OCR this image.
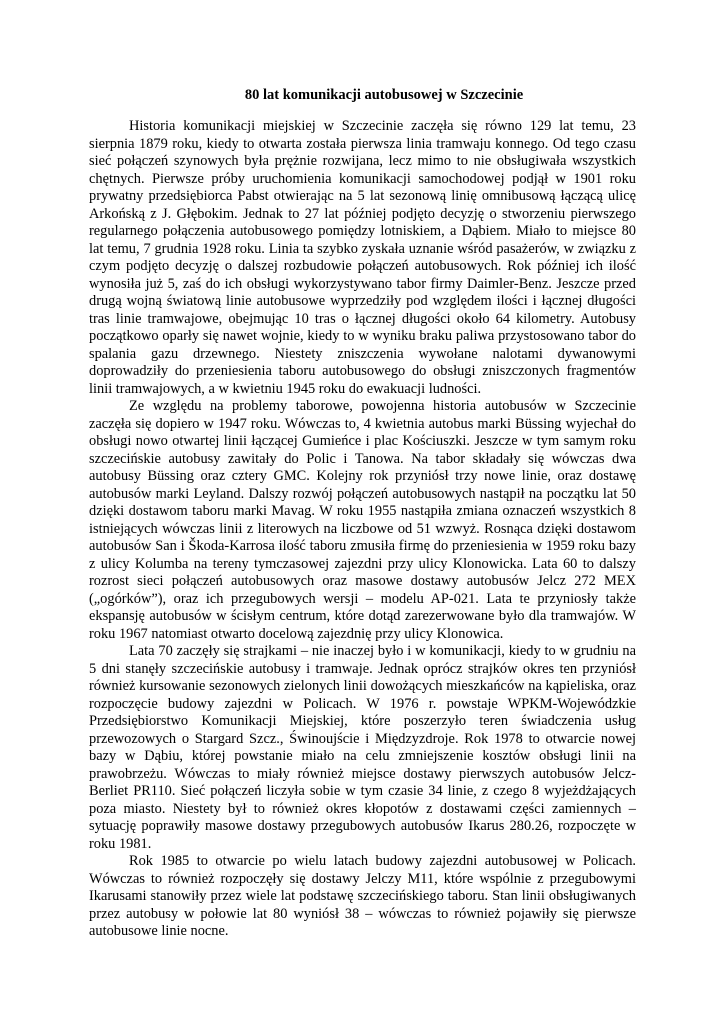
80 lat komunikacji autobusowej w Szczecinie

Historia komunikacji miejskiej w Szczecinie zaczęła się równo 129 lat temu, 23 sierpnia 1879 roku, kiedy to otwarta została pierwsza linia tramwaju konnego. Od tego czasu sieć połączeń szynowych była prężnie rozwijana, lecz mimo to nie obsługiwała wszystkich chętnych. Pierwsze próby uruchomienia komunikacji samochodowej podjął w 1901 roku prywatny przedsiębiorca Pabst otwierając na 5 lat sezonową linię omnibusową łączącą ulicę Arkońską z J. Głębokim. Jednak to 27 lat później podjęto decyzję o stworzeniu pierwszego regularnego połączenia autobusowego pomiędzy lotniskiem, a Dąbiem. Miało to miejsce 80 lat temu, 7 grudnia 1928 roku. Linia ta szybko zyskała uznanie wśród pasażerów, w związku z czym podjęto decyzję o dalszej rozbudowie połączeń autobusowych. Rok później ich ilość wynosiła już 5, zaś do ich obsługi wykorzystywano tabor firmy Daimler-Benz. Jeszcze przed drugą wojną światową linie autobusowe wyprzedziły pod względem ilości i łącznej długości tras linie tramwajowe, obejmując 10 tras o łącznej długości około 64 kilometry. Autobusy początkowo oparły się nawet wojnie, kiedy to w wyniku braku paliwa przystosowano tabor do spalania gazu drzewnego. Niestety zniszczenia wywołane nalotami dywanowymi doprowadziły do przeniesienia taboru autobusowego do obsługi zniszczonych fragmentów linii tramwajowych, a w kwietniu 1945 roku do ewakuacji ludności.

Ze względu na problemy taborowe, powojenna historia autobusów w Szczecinie zaczęła się dopiero w 1947 roku. Wówczas to, 4 kwietnia autobus marki Büssing wyjechał do obsługi nowo otwartej linii łączącej Gumieńce i plac Kościuszki. Jeszcze w tym samym roku szczecińskie autobusy zawitały do Polic i Tanowa. Na tabor składały się wówczas dwa autobusy Büssing oraz cztery GMC. Kolejny rok przyniósł trzy nowe linie, oraz dostawę autobusów marki Leyland. Dalszy rozwój połączeń autobusowych nastąpił na początku lat 50 dzięki dostawom taboru marki Mavag. W roku 1955 nastąpiła zmiana oznaczeń wszystkich 8 istniejących wówczas linii z literowych na liczbowe od 51 wzwyż. Rosnąca dzięki dostawom autobusów San i Škoda-Karrosa ilość taboru zmusiła firmę do przeniesienia w 1959 roku bazy z ulicy Kolumba na tereny tymczasowej zajezdni przy ulicy Klonowicka. Lata 60 to dalszy rozrost sieci połączeń autobusowych oraz masowe dostawy autobusów Jelcz 272 MEX („ogórków”), oraz ich przegubowych wersji – modelu AP-021. Lata te przyniosły także ekspansję autobusów w ścisłym centrum, które dotąd zarezerwowane było dla tramwajów. W roku 1967 natomiast otwarto docelową zajezdnię przy ulicy Klonowica.

Lata 70 zaczęły się strajkami – nie inaczej było i w komunikacji, kiedy to w grudniu na 5 dni stanęły szczecińskie autobusy i tramwaje. Jednak oprócz strajków okres ten przyniósł również kursowanie sezonowych zielonych linii dowożących mieszkańców na kąpieliska, oraz rozpoczęcie budowy zajezdni w Policach. W 1976 r. powstaje WPKM-Wojewódzkie Przedsiębiorstwo Komunikacji Miejskiej, które poszerzyło teren świadczenia usług przewozowych o Stargard Szcz., Świnoujście i Międzyzdroje. Rok 1978 to otwarcie nowej bazy w Dąbiu, której powstanie miało na celu zmniejszenie kosztów obsługi linii na prawobrzeżu. Wówczas to miały również miejsce dostawy pierwszych autobusów Jelcz-Berliet PR110. Sieć połączeń liczyła sobie w tym czasie 34 linie, z czego 8 wyjeżdżających poza miasto. Niestety był to również okres kłopotów z dostawami części zamiennych – sytuację poprawiły masowe dostawy przegubowych autobusów Ikarus 280.26, rozpoczęte w roku 1981.

Rok 1985 to otwarcie po wielu latach budowy zajezdni autobusowej w Policach. Wówczas to również rozpoczęły się dostawy Jelczy M11, które wspólnie z przegubowymi Ikarusami stanowiły przez wiele lat podstawę szczecińskiego taboru. Stan linii obsługiwanych przez autobusy w połowie lat 80 wyniósł 38 – wówczas to również pojawiły się pierwsze autobusowe linie nocne.
